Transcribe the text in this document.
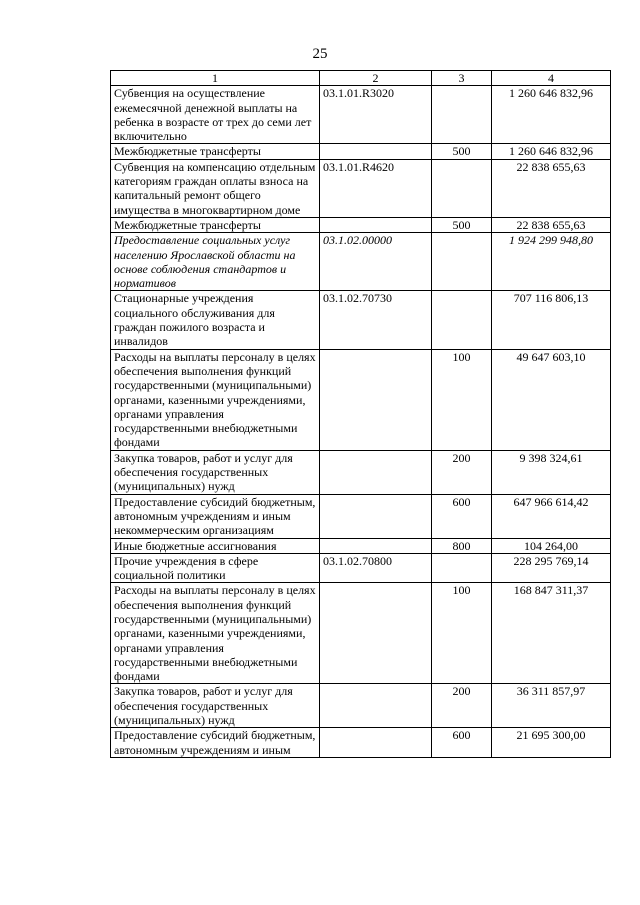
25
1	2	3	4
Субвенция на осуществление ежемесячной денежной выплаты на ребенка в возрасте от трех до семи лет включительно	03.1.01.R3020		1 260 646 832,96
Межбюджетные трансферты		500	1 260 646 832,96
Субвенция на компенсацию отдельным категориям граждан оплаты взноса на капитальный ремонт общего имущества в многоквартирном доме	03.1.01.R4620		22 838 655,63
Межбюджетные трансферты		500	22 838 655,63
Предоставление социальных услуг населению Ярославской области на основе соблюдения стандартов и нормативов	03.1.02.00000		1 924 299 948,80
Стационарные учреждения социального обслуживания для граждан пожилого возраста и инвалидов	03.1.02.70730		707 116 806,13
Расходы на выплаты персоналу в целях обеспечения выполнения функций государственными (муниципальными) органами, казенными учреждениями, органами управления государственными внебюджетными фондами		100	49 647 603,10
Закупка товаров, работ и услуг для обеспечения государственных (муниципальных) нужд		200	9 398 324,61
Предоставление субсидий бюджетным, автономным учреждениям и иным некоммерческим организациям		600	647 966 614,42
Иные бюджетные ассигнования		800	104 264,00
Прочие учреждения в сфере социальной политики	03.1.02.70800		228 295 769,14
Расходы на выплаты персоналу в целях обеспечения выполнения функций государственными (муниципальными) органами, казенными учреждениями, органами управления государственными внебюджетными фондами		100	168 847 311,37
Закупка товаров, работ и услуг для обеспечения государственных (муниципальных) нужд		200	36 311 857,97
Предоставление субсидий бюджетным, автономным учреждениям и иным		600	21 695 300,00
